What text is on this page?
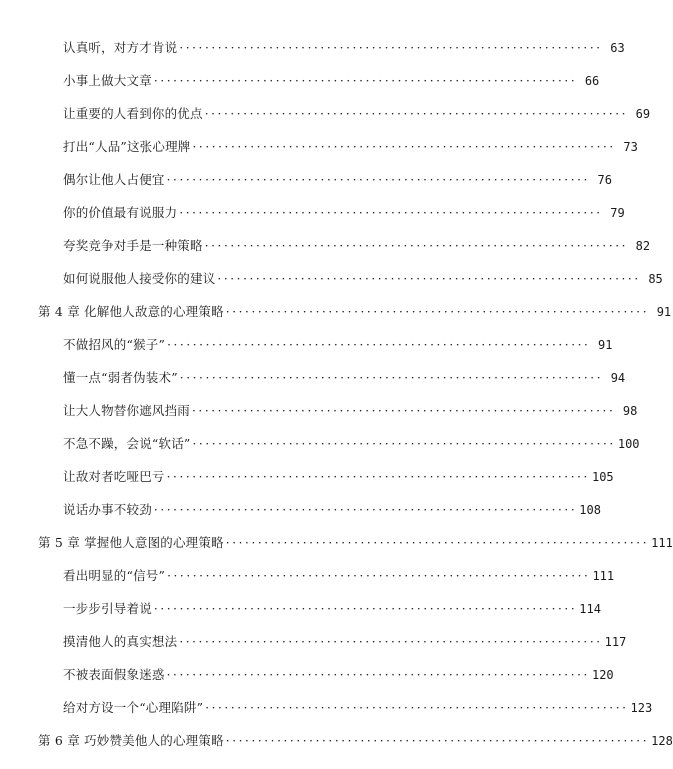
认真听，对方才肯说 ·································································· 63
小事上做大文章 ·································································· 66
让重要的人看到你的优点 ·································································· 69
打出“人品”这张心理牌 ·································································· 73
偶尔让他人占便宜 ·································································· 76
你的价值最有说服力 ·································································· 79
夸奖竞争对手是一种策略 ·································································· 82
如何说服他人接受你的建议 ·································································· 85
第 4 章 化解他人敌意的心理策略 ·································································· 91
不做招风的“猴子” ·································································· 91
懂一点“弱者伪装术” ·································································· 94
让大人物替你遮风挡雨 ·································································· 98
不急不躁，会说“软话” ·································································· 100
让敌对者吃哑巴亏 ·································································· 105
说话办事不较劲 ·································································· 108
第 5 章 掌握他人意图的心理策略 ·································································· 111
看出明显的“信号” ·································································· 111
一步步引导着说 ·································································· 114
摸清他人的真实想法 ·································································· 117
不被表面假象迷惑 ·································································· 120
给对方设一个“心理陷阱” ·································································· 123
第 6 章 巧妙赞美他人的心理策略 ·································································· 128
